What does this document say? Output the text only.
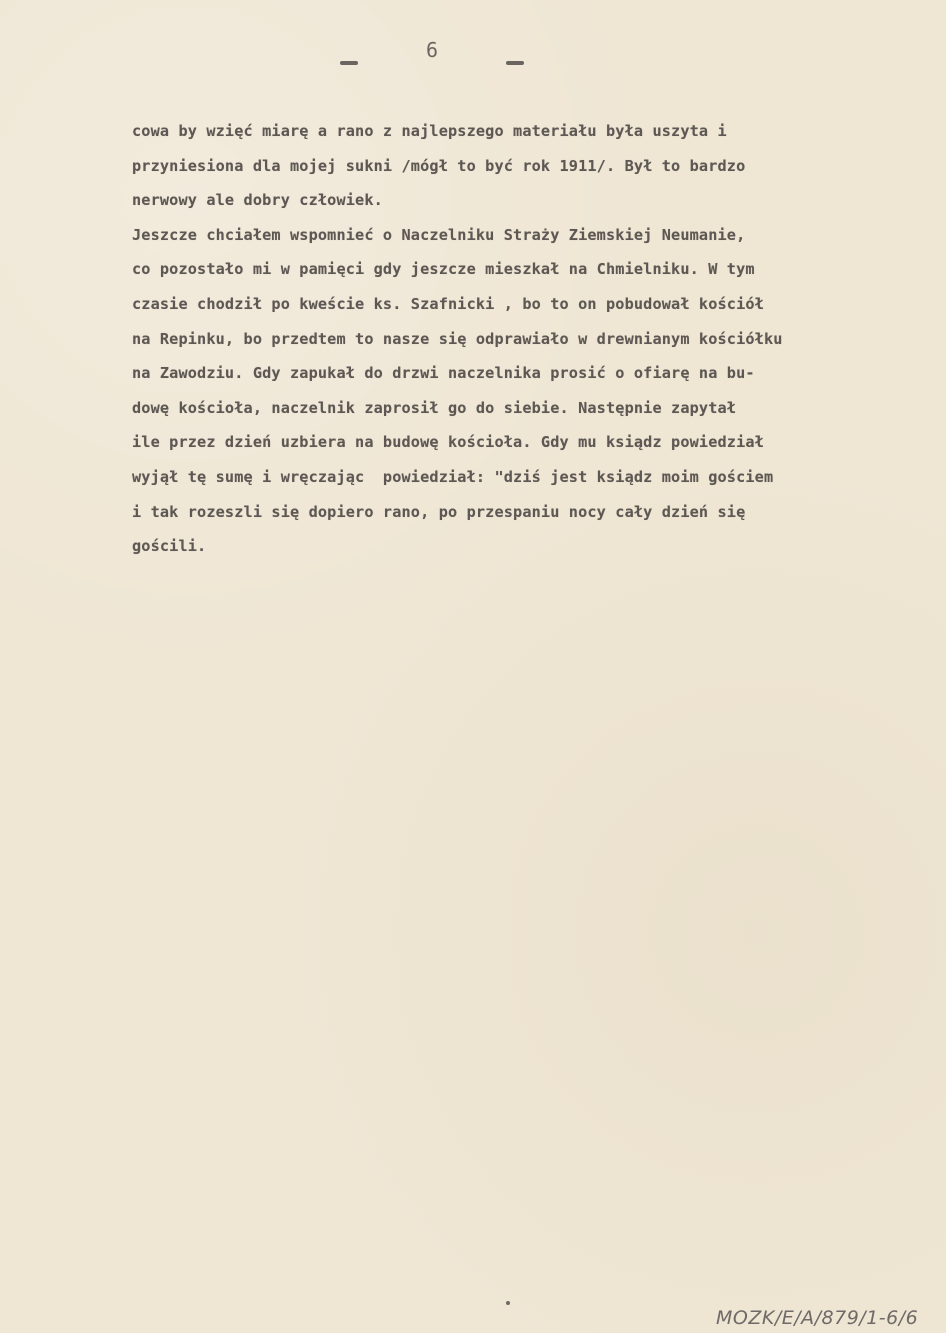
6
cowa by wzięć miarę a rano z najlepszego materiału była uszyta i
przyniesiona dla mojej sukni /mógł to być rok 1911/. Był to bardzo
nerwowy ale dobry człowiek.
Jeszcze chciałem wspomnieć o Naczelniku Straży Ziemskiej Neumanie,
co pozostało mi w pamięci gdy jeszcze mieszkał na Chmielniku. W tym
czasie chodził po kweście ks. Szafnicki , bo to on pobudował kościół
na Repinku, bo przedtem to nasze się odprawiało w drewnianym kościółku
na Zawodziu. Gdy zapukał do drzwi naczelnika prosić o ofiarę na bu-
dowę kościoła, naczelnik zaprosił go do siebie. Następnie zapytał
ile przez dzień uzbiera na budowę kościoła. Gdy mu ksiądz powiedział
wyjął tę sumę i wręczając  powiedział: "dziś jest ksiądz moim gościem
i tak rozeszli się dopiero rano, po przespaniu nocy cały dzień się
gościli.
MOZK/E/A/879/1-6/6
